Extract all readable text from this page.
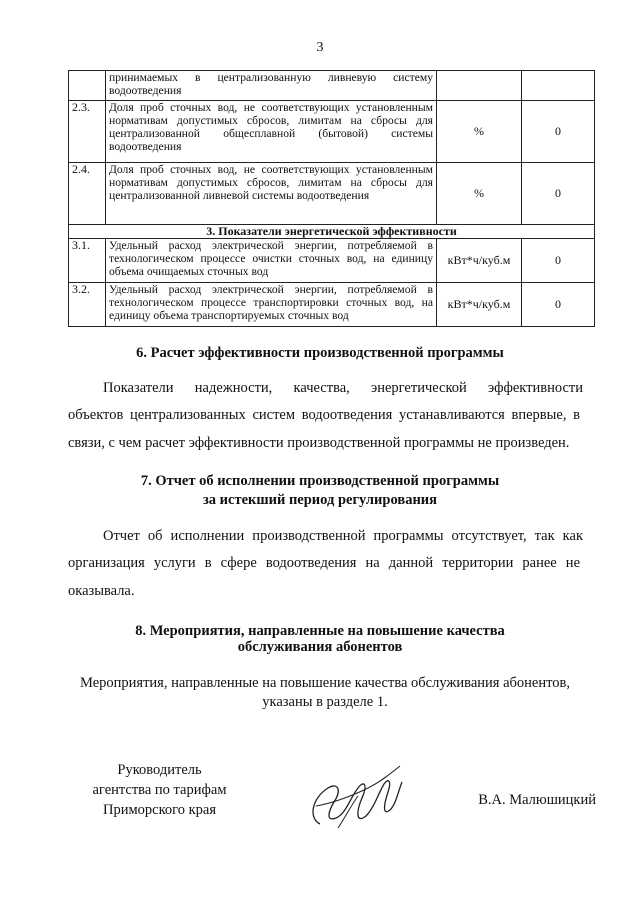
3
	принимаемых в централизованную ливневую систему водоотведения		
2.3.	Доля проб сточных вод, не соответствующих установленным нормативам допустимых сбросов, лимитам на сбросы для централизованной общесплавной (бытовой) системы водоотведения	%	0
2.4.	Доля проб сточных вод, не соответствующих установленным нормативам допустимых сбросов, лимитам на сбросы для централизованной ливневой системы водоотведения	%	0
3. Показатели энергетической эффективности			
3.1.	Удельный расход электрической энергии, потребляемой в технологическом процессе очистки сточных вод, на единицу объема очищаемых сточных вод	кВт*ч/куб.м	0
3.2.	Удельный расход электрической энергии, потребляемой в технологическом процессе транспортировки сточных вод, на единицу объема транспортируемых сточных вод	кВт*ч/куб.м	0
6. Расчет эффективности производственной программы
Показатели надежности, качества, энергетической эффективности
объектов централизованных систем водоотведения устанавливаются впервые, в связи, с чем расчет эффективности производственной программы не произведен.
7. Отчет об исполнении производственной программы
за истекший период регулирования
Отчет об исполнении производственной программы отсутствует, так как
организация услуги в сфере водоотведения на данной территории ранее не оказывала.
8. Мероприятия, направленные на повышение качества
обслуживания абонентов
Мероприятия, направленные на повышение качества обслуживания абонентов,
указаны в разделе 1.
Руководитель
агентства по тарифам
Приморского края
В.А. Малюшицкий
